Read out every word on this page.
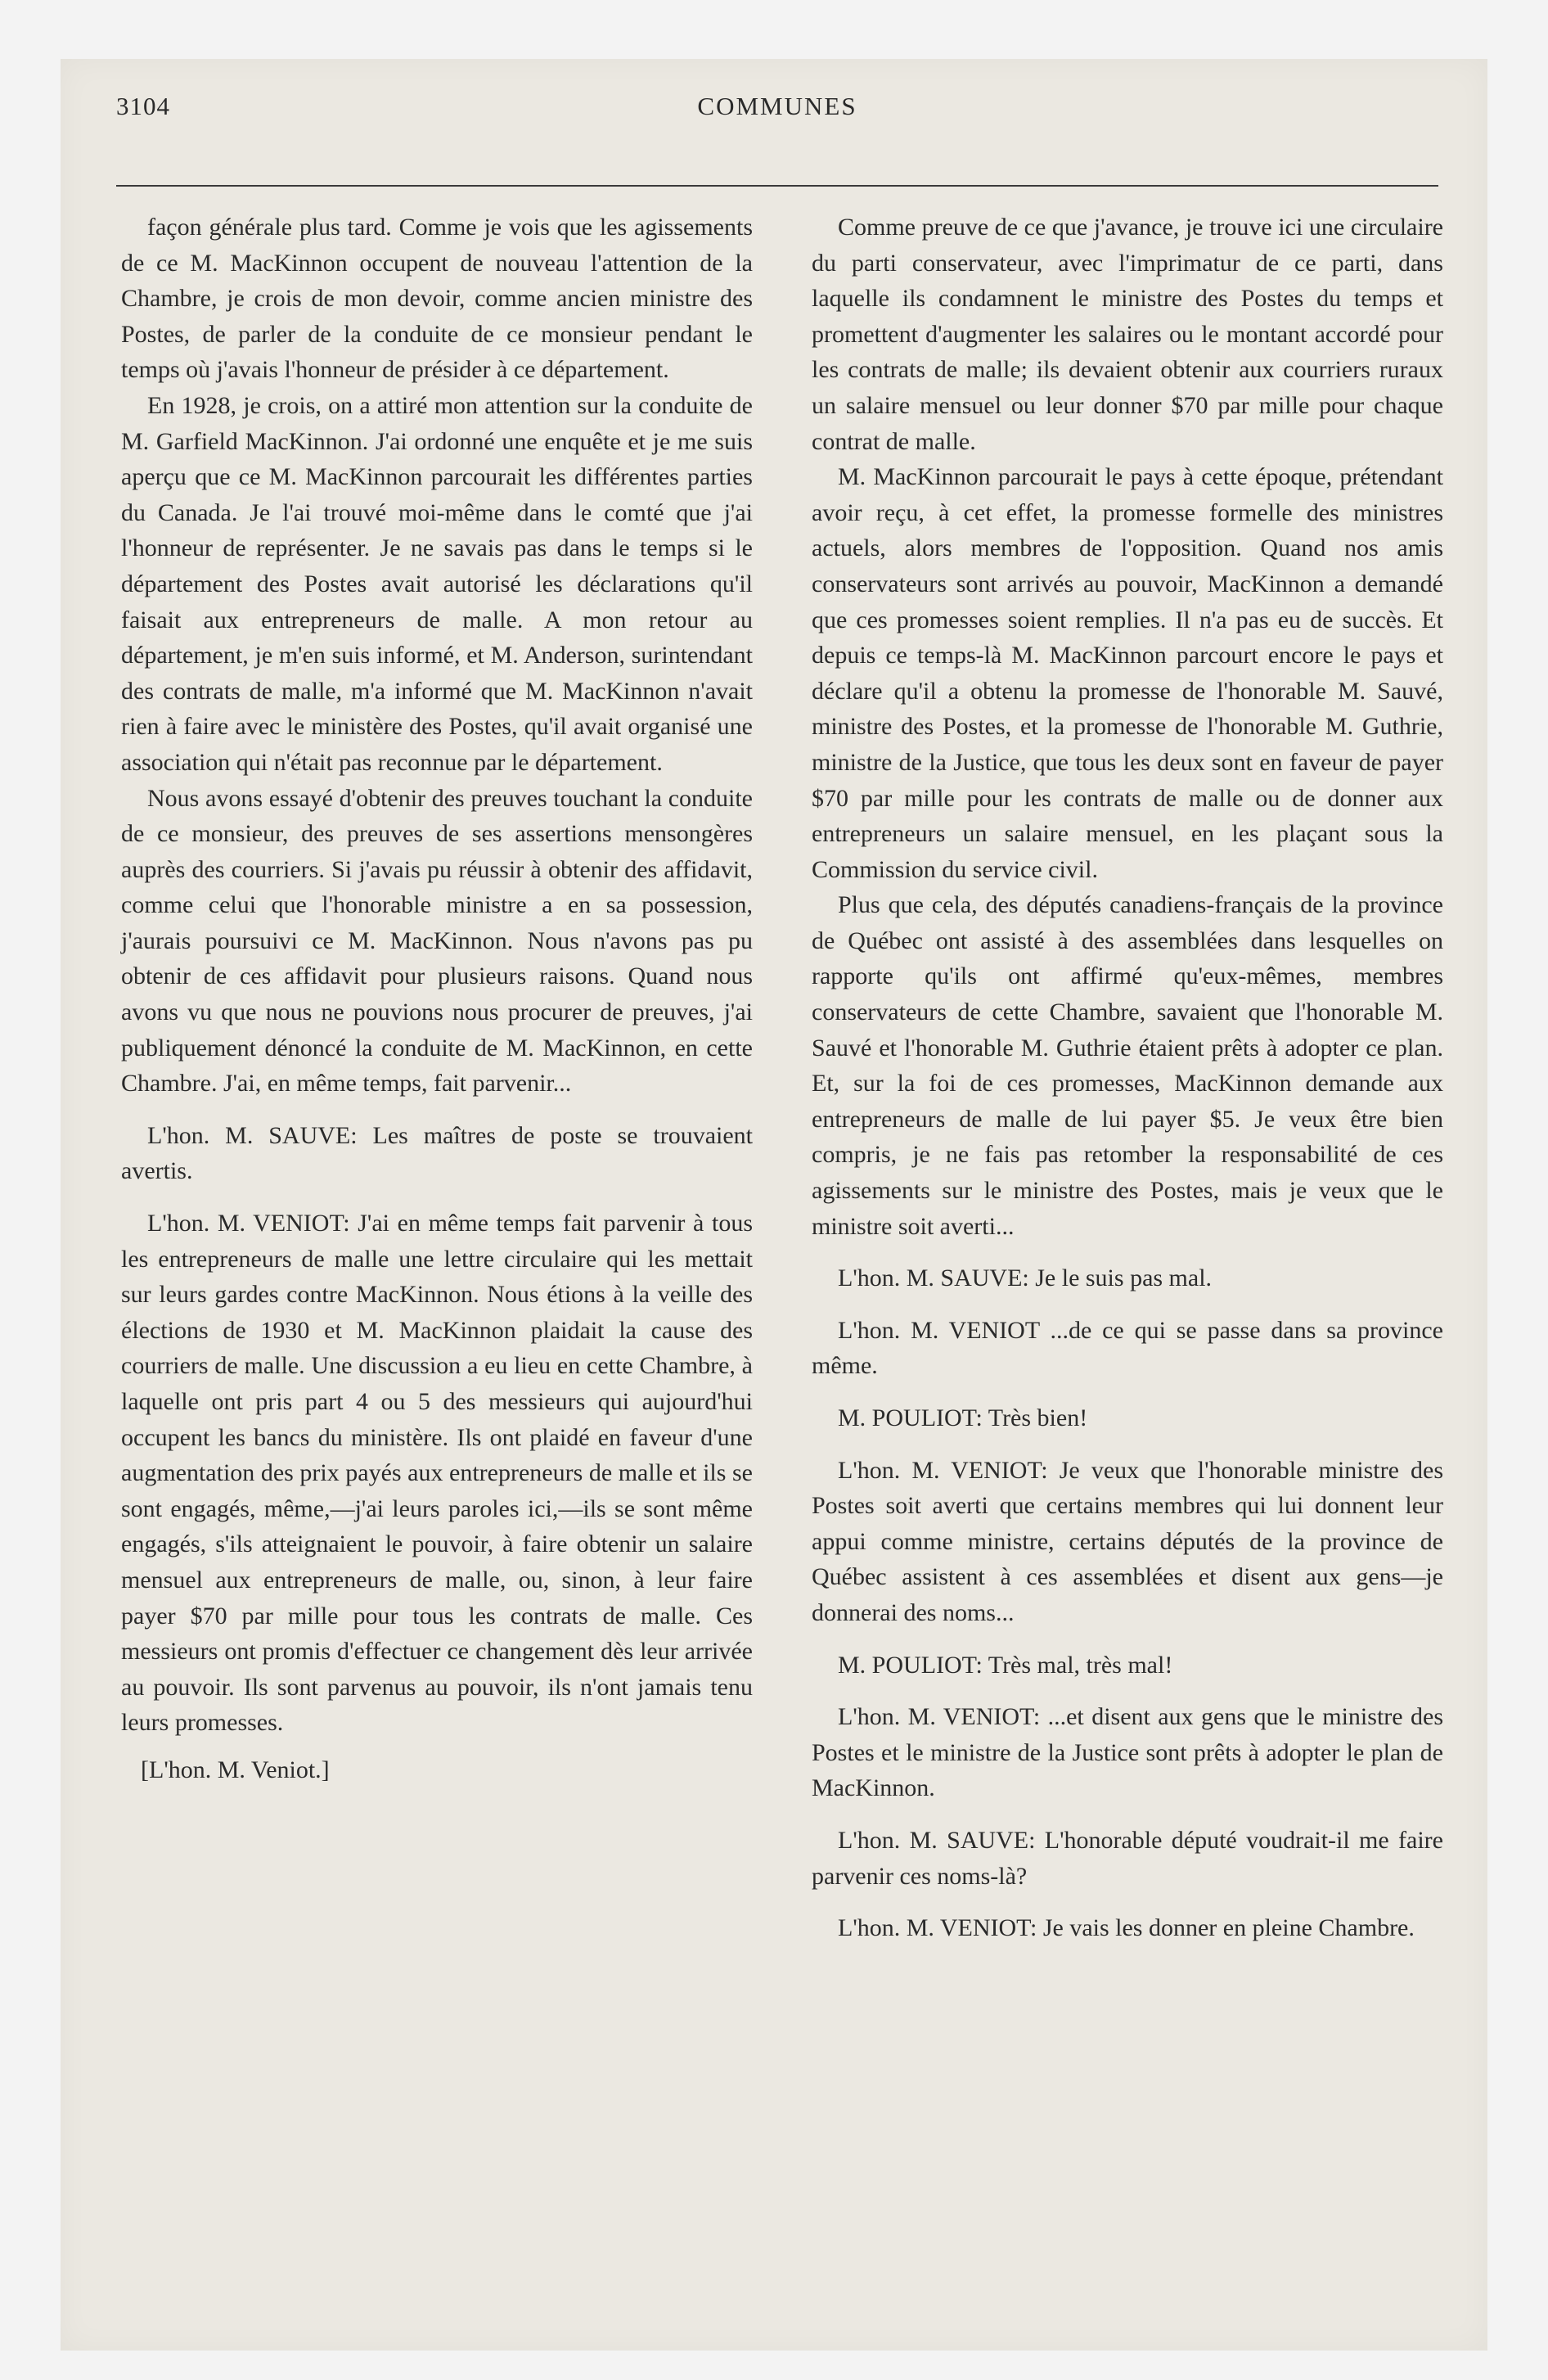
3104	COMMUNES

façon générale plus tard. Comme je vois que les agissements de ce M. MacKinnon occupent de nouveau l'attention de la Chambre, je crois de mon devoir, comme ancien ministre des Postes, de parler de la conduite de ce monsieur pendant le temps où j'avais l'honneur de présider à ce département.

En 1928, je crois, on a attiré mon attention sur la conduite de M. Garfield MacKinnon. J'ai ordonné une enquête et je me suis aperçu que ce M. MacKinnon parcourait les différentes parties du Canada. Je l'ai trouvé moi-même dans le comté que j'ai l'honneur de représenter. Je ne savais pas dans le temps si le département des Postes avait autorisé les déclarations qu'il faisait aux entrepreneurs de malle. A mon retour au département, je m'en suis informé, et M. Anderson, surintendant des contrats de malle, m'a informé que M. MacKinnon n'avait rien à faire avec le ministère des Postes, qu'il avait organisé une association qui n'était pas reconnue par le département.

Nous avons essayé d'obtenir des preuves touchant la conduite de ce monsieur, des preuves de ses assertions mensongères auprès des courriers. Si j'avais pu réussir à obtenir des affidavit, comme celui que l'honorable ministre a en sa possession, j'aurais poursuivi ce M. MacKinnon. Nous n'avons pas pu obtenir de ces affidavit pour plusieurs raisons. Quand nous avons vu que nous ne pouvions nous procurer de preuves, j'ai publiquement dénoncé la conduite de M. MacKinnon, en cette Chambre. J'ai, en même temps, fait parvenir...

L'hon. M. SAUVE: Les maîtres de poste se trouvaient avertis.

L'hon. M. VENIOT: J'ai en même temps fait parvenir à tous les entrepreneurs de malle une lettre circulaire qui les mettait sur leurs gardes contre MacKinnon. Nous étions à la veille des élections de 1930 et M. MacKinnon plaidait la cause des courriers de malle. Une discussion a eu lieu en cette Chambre, à laquelle ont pris part 4 ou 5 des messieurs qui aujourd'hui occupent les bancs du ministère. Ils ont plaidé en faveur d'une augmentation des prix payés aux entrepreneurs de malle et ils se sont engagés, même,—j'ai leurs paroles ici,—ils se sont même engagés, s'ils atteignaient le pouvoir, à faire obtenir un salaire mensuel aux entrepreneurs de malle, ou, sinon, à leur faire payer $70 par mille pour tous les contrats de malle. Ces messieurs ont promis d'effectuer ce changement dès leur arrivée au pouvoir. Ils sont parvenus au pouvoir, ils n'ont jamais tenu leurs promesses.

[L'hon. M. Veniot.]

Comme preuve de ce que j'avance, je trouve ici une circulaire du parti conservateur, avec l'imprimatur de ce parti, dans laquelle ils condamnent le ministre des Postes du temps et promettent d'augmenter les salaires ou le montant accordé pour les contrats de malle; ils devaient obtenir aux courriers ruraux un salaire mensuel ou leur donner $70 par mille pour chaque contrat de malle.

M. MacKinnon parcourait le pays à cette époque, prétendant avoir reçu, à cet effet, la promesse formelle des ministres actuels, alors membres de l'opposition. Quand nos amis conservateurs sont arrivés au pouvoir, MacKinnon a demandé que ces promesses soient remplies. Il n'a pas eu de succès. Et depuis ce temps-là M. MacKinnon parcourt encore le pays et déclare qu'il a obtenu la promesse de l'honorable M. Sauvé, ministre des Postes, et la promesse de l'honorable M. Guthrie, ministre de la Justice, que tous les deux sont en faveur de payer $70 par mille pour les contrats de malle ou de donner aux entrepreneurs un salaire mensuel, en les plaçant sous la Commission du service civil.

Plus que cela, des députés canadiens-français de la province de Québec ont assisté à des assemblées dans lesquelles on rapporte qu'ils ont affirmé qu'eux-mêmes, membres conservateurs de cette Chambre, savaient que l'honorable M. Sauvé et l'honorable M. Guthrie étaient prêts à adopter ce plan. Et, sur la foi de ces promesses, MacKinnon demande aux entrepreneurs de malle de lui payer $5. Je veux être bien compris, je ne fais pas retomber la responsabilité de ces agissements sur le ministre des Postes, mais je veux que le ministre soit averti...

L'hon. M. SAUVE: Je le suis pas mal.

L'hon. M. VENIOT ...de ce qui se passe dans sa province même.

M. POULIOT: Très bien!

L'hon. M. VENIOT: Je veux que l'honorable ministre des Postes soit averti que certains membres qui lui donnent leur appui comme ministre, certains députés de la province de Québec assistent à ces assemblées et disent aux gens—je donnerai des noms...

M. POULIOT: Très mal, très mal!

L'hon. M. VENIOT: ...et disent aux gens que le ministre des Postes et le ministre de la Justice sont prêts à adopter le plan de MacKinnon.

L'hon. M. SAUVE: L'honorable député voudrait-il me faire parvenir ces noms-là?

L'hon. M. VENIOT: Je vais les donner en pleine Chambre.
